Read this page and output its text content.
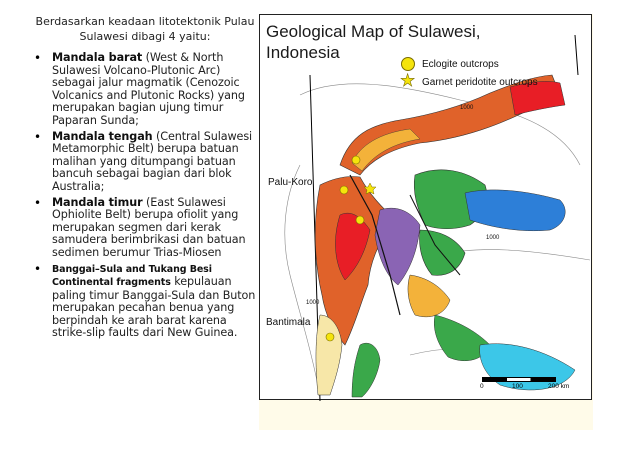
Berdasarkan keadaan litotektonik Pulau Sulawesi dibagi 4 yaitu:

• Mandala barat (West & North Sulawesi Volcano-Plutonic Arc) sebagai jalur magmatik (Cenozoic Volcanics and Plutonic Rocks) yang merupakan bagian ujung timur Paparan Sunda;
• Mandala tengah (Central Sulawesi Metamorphic Belt) berupa batuan malihan yang ditumpangi batuan bancuh sebagai bagian dari blok Australia;
• Mandala timur (East Sulawesi Ophiolite Belt) berupa ofiolit yang merupakan segmen dari kerak samudera berimbrikasi dan batuan sedimen berumur Trias-Miosen
• Banggai–Sula and Tukang Besi Continental fragments kepulauan paling timur Banggai-Sula dan Buton merupakan pecahan benua yang berpindah ke arah barat karena strike-slip faults dari New Guinea.

Geological Map of Sulawesi,
Indonesia

Eclogite outcrops
★ Garnet peridotite outcrops
Palu-Koro
Bantimala
1000
1000
1000
0	100	200 km
